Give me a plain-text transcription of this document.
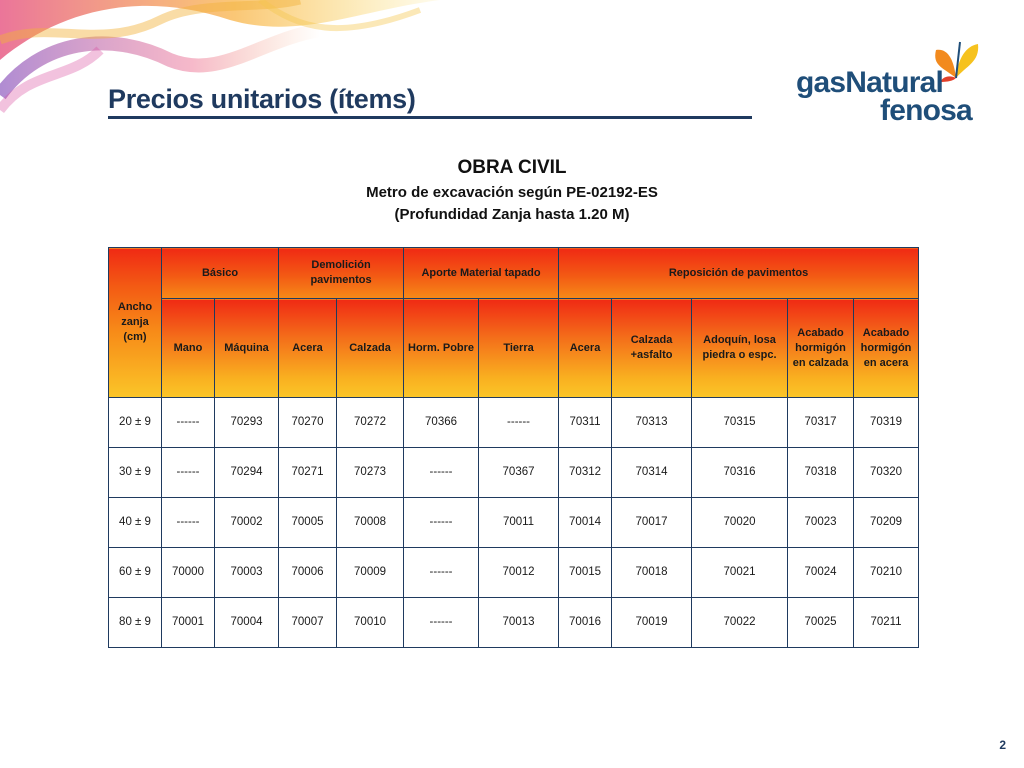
Precios unitarios (ítems)	gasNatural
fenosa
OBRA CIVIL
Metro de excavación según PE-02192-ES
(Profundidad Zanja hasta 1.20 M)
Ancho zanja (cm)	Básico		Demolición pavimentos		Aporte Material tapado		Reposición de pavimentos				
	Mano	Máquina	Acera	Calzada	Horm. Pobre	Tierra	Acera	Calzada +asfalto	Adoquín, losa piedra o espc.	Acabado hormigón en calzada	Acabado hormigón en acera
20 ± 9	------	70293	70270	70272	70366	------	70311	70313	70315	70317	70319
30 ± 9	------	70294	70271	70273	------	70367	70312	70314	70316	70318	70320
40 ± 9	------	70002	70005	70008	------	70011	70014	70017	70020	70023	70209
60 ± 9	70000	70003	70006	70009	------	70012	70015	70018	70021	70024	70210
80 ± 9	70001	70004	70007	70010	------	70013	70016	70019	70022	70025	70211
2
